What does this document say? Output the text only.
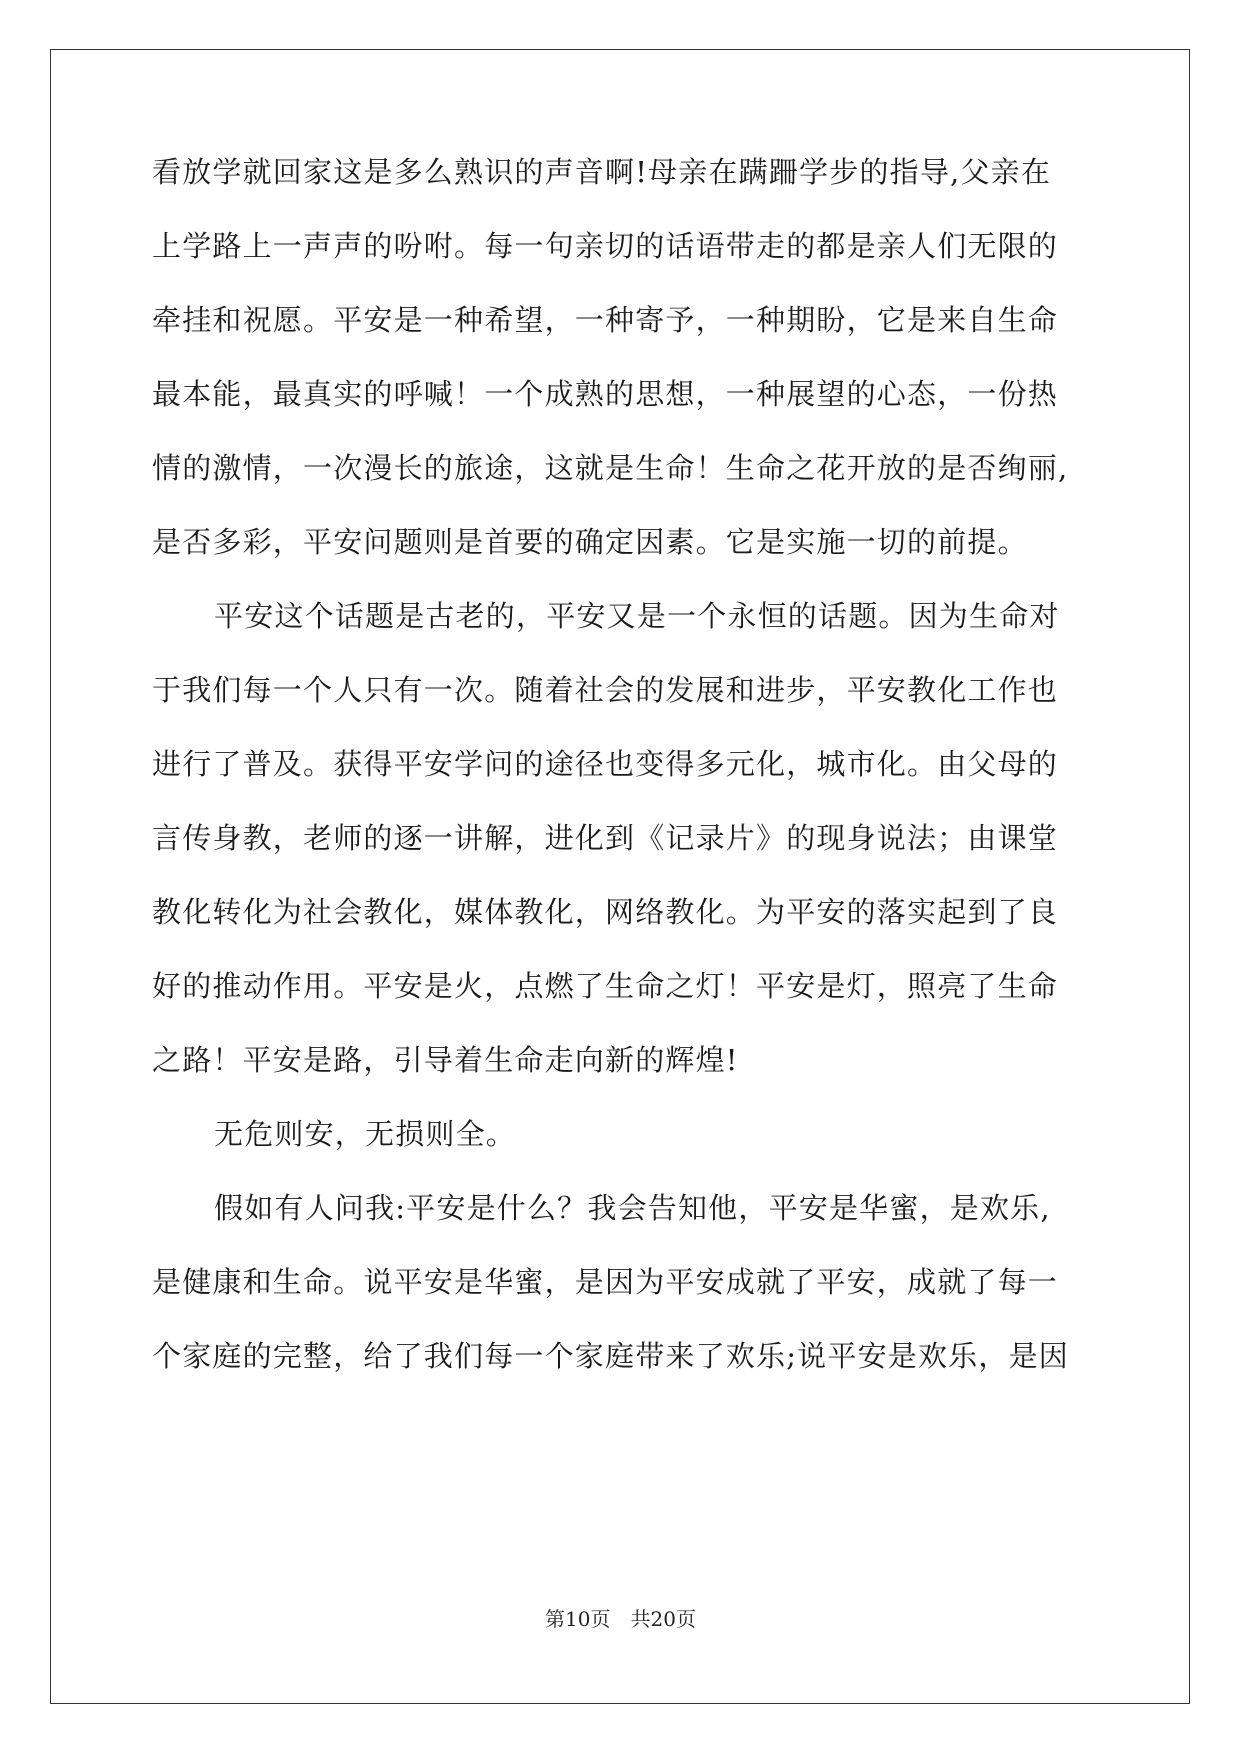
看放学就回家这是多么熟识的声音啊!母亲在蹒跚学步的指导,父亲在
上学路上一声声的吩咐。每一句亲切的话语带走的都是亲人们无限的
牵挂和祝愿。平安是一种希望，一种寄予，一种期盼，它是来自生命
最本能，最真实的呼喊！一个成熟的思想，一种展望的心态，一份热
情的激情，一次漫长的旅途，这就是生命！生命之花开放的是否绚丽,
是否多彩，平安问题则是首要的确定因素。它是实施一切的前提。
平安这个话题是古老的，平安又是一个永恒的话题。因为生命对
于我们每一个人只有一次。随着社会的发展和进步，平安教化工作也
进行了普及。获得平安学问的途径也变得多元化，城市化。由父母的
言传身教，老师的逐一讲解，进化到《记录片》的现身说法；由课堂
教化转化为社会教化，媒体教化，网络教化。为平安的落实起到了良
好的推动作用。平安是火，点燃了生命之灯！平安是灯，照亮了生命
之路！平安是路，引导着生命走向新的辉煌!
无危则安，无损则全。
假如有人问我:平安是什么？我会告知他，平安是华蜜，是欢乐,
是健康和生命。说平安是华蜜，是因为平安成就了平安，成就了每一
个家庭的完整，给了我们每一个家庭带来了欢乐;说平安是欢乐，是因
第10页 共20页
